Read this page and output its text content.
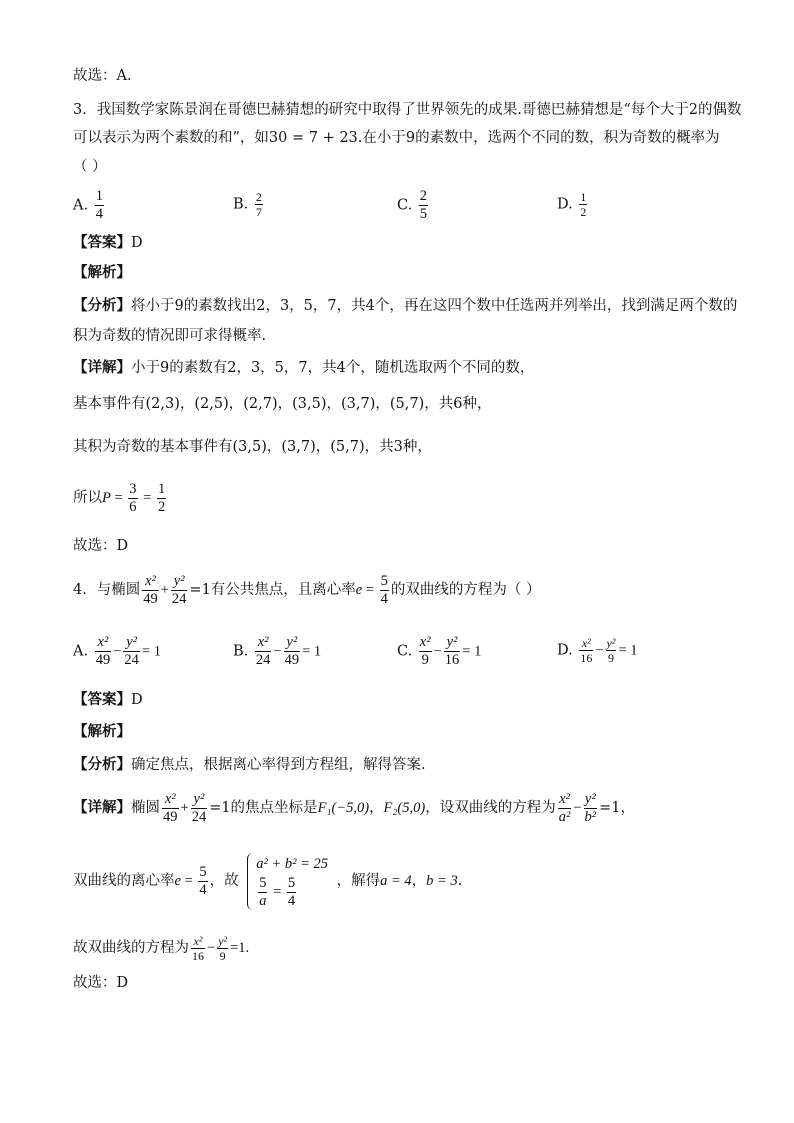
故选：A.
3．我国数学家陈景润在哥德巴赫猜想的研究中取得了世界领先的成果.哥德巴赫猜想是“每个大于2的偶数
可以表示为两个素数的和”，如30 = 7 + 23.在小于9的素数中，选两个不同的数，积为奇数的概率为
（ ）
A. $\frac{1}{4}$	B. $\frac{2}{7}$	C. $\frac{2}{5}$	D. $\frac{1}{2}$
【答案】D
【解析】
【分析】将小于9的素数找出2，3，5，7，共4个，再在这四个数中任选两并列举出，找到满足两个数的
积为奇数的情况即可求得概率.
【详解】小于9的素数有2，3，5，7，共4个，随机选取两个不同的数，
基本事件有(2,3)，(2,5)，(2,7)，(3,5)，(3,7)，(5,7)，共6种，
其积为奇数的基本事件有(3,5)，(3,7)，(5,7)，共3种，
所以$P = \frac{3}{6} = \frac{1}{2}$
故选：D
4．与椭圆 $\frac{\text{x²}}{49} + \frac{\text{y²}}{24} =1$有公共焦点，且离心率$e = \frac{5}{4}$ 的双曲线的方程为（ ）
A. $\frac{\text{x²}}{49} - \frac{\text{y²}}{24} = 1$	B. $\frac{\text{x²}}{24} - \frac{\text{y²}}{49} = 1$	C. $\frac{\text{x²}}{9} - \frac{\text{y²}}{16} = 1$	D. $\frac{\text{x²}}{16} - \frac{\text{y²}}{9} = 1$
【答案】D
【解析】
【分析】确定焦点，根据离心率得到方程组，解得答案.
【详解】椭圆 $\frac{\text{x²}}{49} + \frac{\text{y²}}{24} =1$的焦点坐标是F₁(−5,0)，F₂(5,0)，设双曲线的方程为 $\frac{\text{x²}}{\text{a²}} - \frac{\text{y²}}{\text{b²}} =1$，
双曲线的离心率$e = \frac{5}{4}$ ，故
a² + b² = 25
$\frac{5}{a} = \frac{5}{4}$	，解得a = 4，b = 3.
故双曲线的方程为 $\frac{\text{x²}}{16} - \frac{\text{y²}}{9} =1$.
故选：D
